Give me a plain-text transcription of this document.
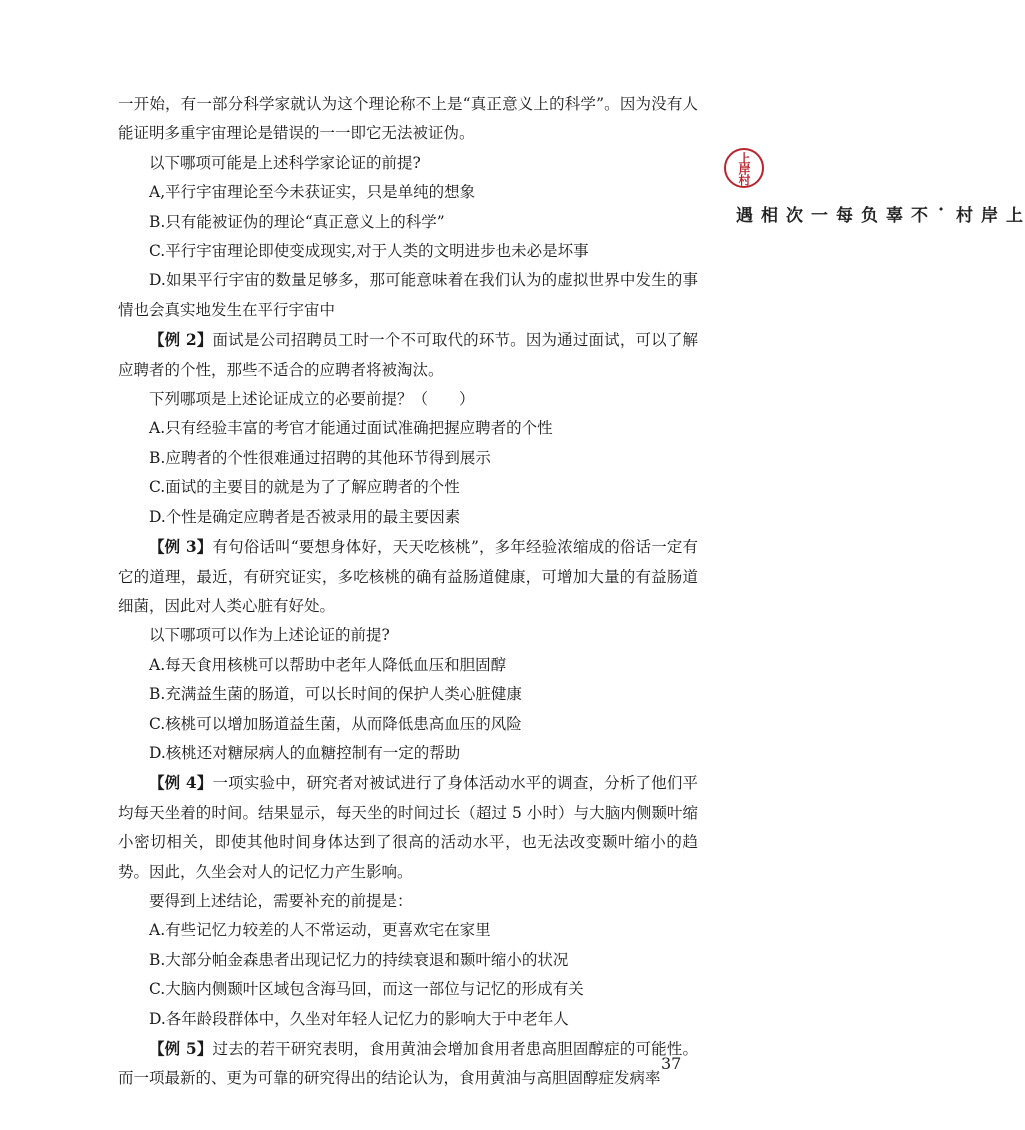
一开始，有一部分科学家就认为这个理论称不上是“真正意义上的科学”。因为没有人能证明多重宇宙理论是错误的一一即它无法被证伪。

以下哪项可能是上述科学家论证的前提?

A,平行宇宙理论至今未获证实，只是单纯的想象

B.只有能被证伪的理论“真正意义上的科学”

C.平行宇宙理论即使变成现实,对于人类的文明进步也未必是坏事

D.如果平行宇宙的数量足够多，那可能意味着在我们认为的虚拟世界中发生的事情也会真实地发生在平行宇宙中

【例 2】面试是公司招聘员工时一个不可取代的环节。因为通过面试，可以了解应聘者的个性，那些不适合的应聘者将被淘汰。

下列哪项是上述论证成立的必要前提？（　　）

A.只有经验丰富的考官才能通过面试准确把握应聘者的个性

B.应聘者的个性很难通过招聘的其他环节得到展示

C.面试的主要目的就是为了了解应聘者的个性

D.个性是确定应聘者是否被录用的最主要因素

【例 3】有句俗话叫“要想身体好，天天吃核桃”，多年经验浓缩成的俗话一定有它的道理，最近，有研究证实，多吃核桃的确有益肠道健康，可增加大量的有益肠道细菌，因此对人类心脏有好处。

以下哪项可以作为上述论证的前提?

A.每天食用核桃可以帮助中老年人降低血压和胆固醇

B.充满益生菌的肠道，可以长时间的保护人类心脏健康

C.核桃可以增加肠道益生菌，从而降低患高血压的风险

D.核桃还对糖尿病人的血糖控制有一定的帮助

【例 4】一项实验中，研究者对被试进行了身体活动水平的调查，分析了他们平均每天坐着的时间。结果显示，每天坐的时间过长（超过 5 小时）与大脑内侧颞叶缩小密切相关，即使其他时间身体达到了很高的活动水平，也无法改变颞叶缩小的趋势。因此，久坐会对人的记忆力产生影响。

要得到上述结论，需要补充的前提是：

A.有些记忆力较差的人不常运动，更喜欢宅在家里

B.大部分帕金森患者出现记忆力的持续衰退和颞叶缩小的状况

C.大脑内侧颞叶区域包含海马回，而这一部位与记忆的形成有关

D.各年龄段群体中，久坐对年轻人记忆力的影响大于中老年人

【例 5】过去的若干研究表明，食用黄油会增加食用者患高胆固醇症的可能性。而一项最新的、更为可靠的研究得出的结论认为，食用黄油与高胆固醇症发病率

上岸村
上岸村·不辜负每一次相遇
37
